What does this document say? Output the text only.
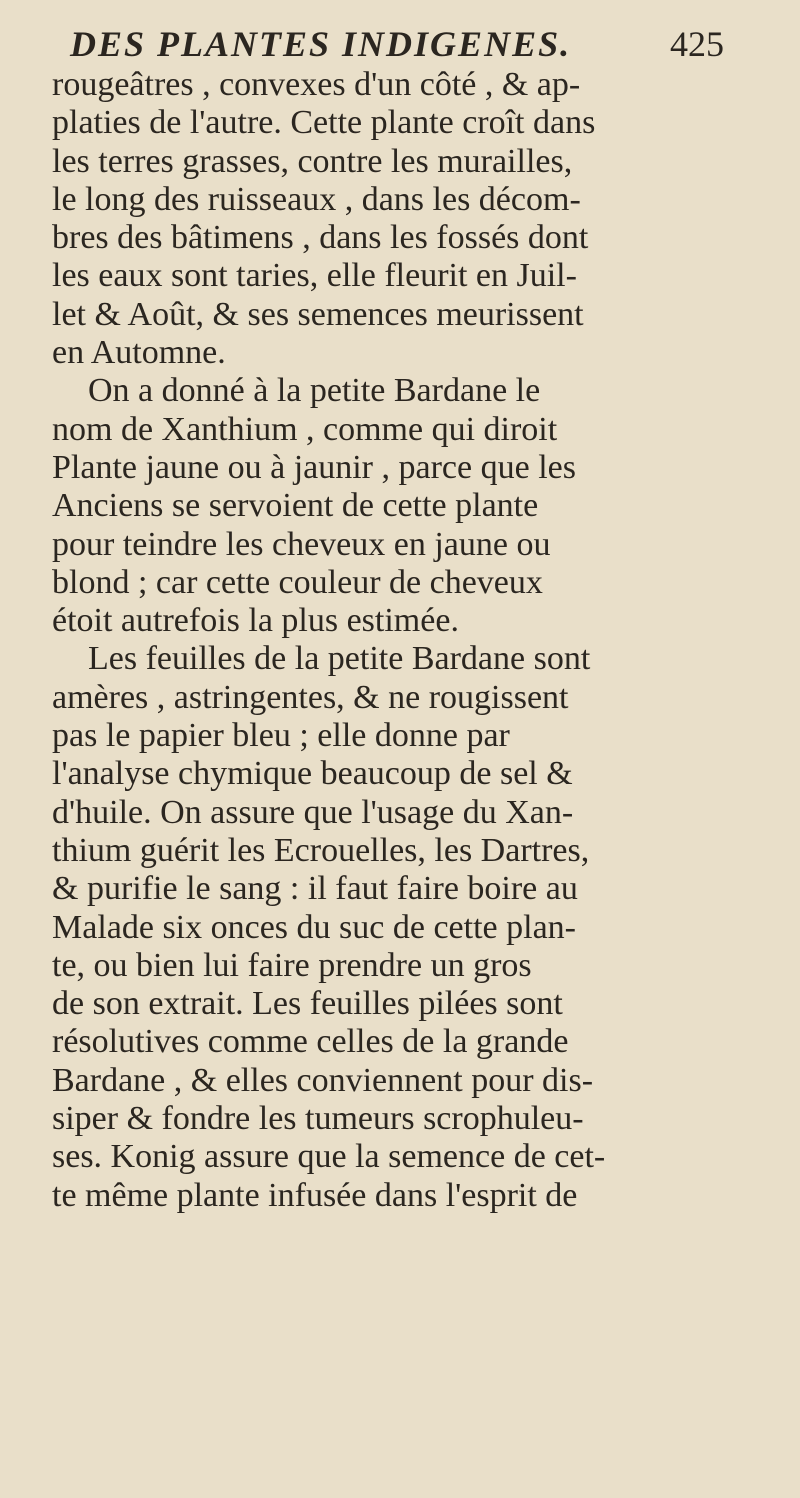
DES PLANTES INDIGENES.	425
rougeâtres , convexes d'un côté , & ap-
platies de l'autre. Cette plante croît dans
les terres grasses, contre les murailles,
le long des ruisseaux , dans les décom-
bres des bâtimens , dans les fossés dont
les eaux sont taries, elle fleurit en Juil-
let & Août, & ses semences meurissent
en Automne.
On a donné à la petite Bardane le
nom de Xanthium , comme qui diroit
Plante jaune ou à jaunir , parce que les
Anciens se servoient de cette plante
pour teindre les cheveux en jaune ou
blond ; car cette couleur de cheveux
étoit autrefois la plus estimée.
Les feuilles de la petite Bardane sont
amères , astringentes, & ne rougissent
pas le papier bleu ; elle donne par
l'analyse chymique beaucoup de sel &
d'huile. On assure que l'usage du Xan-
thium guérit les Ecrouelles, les Dartres,
& purifie le sang : il faut faire boire au
Malade six onces du suc de cette plan-
te, ou bien lui faire prendre un gros
de son extrait. Les feuilles pilées sont
résolutives comme celles de la grande
Bardane , & elles conviennent pour dis-
siper & fondre les tumeurs scrophuleu-
ses. Konig assure que la semence de cet-
te même plante infusée dans l'esprit de
